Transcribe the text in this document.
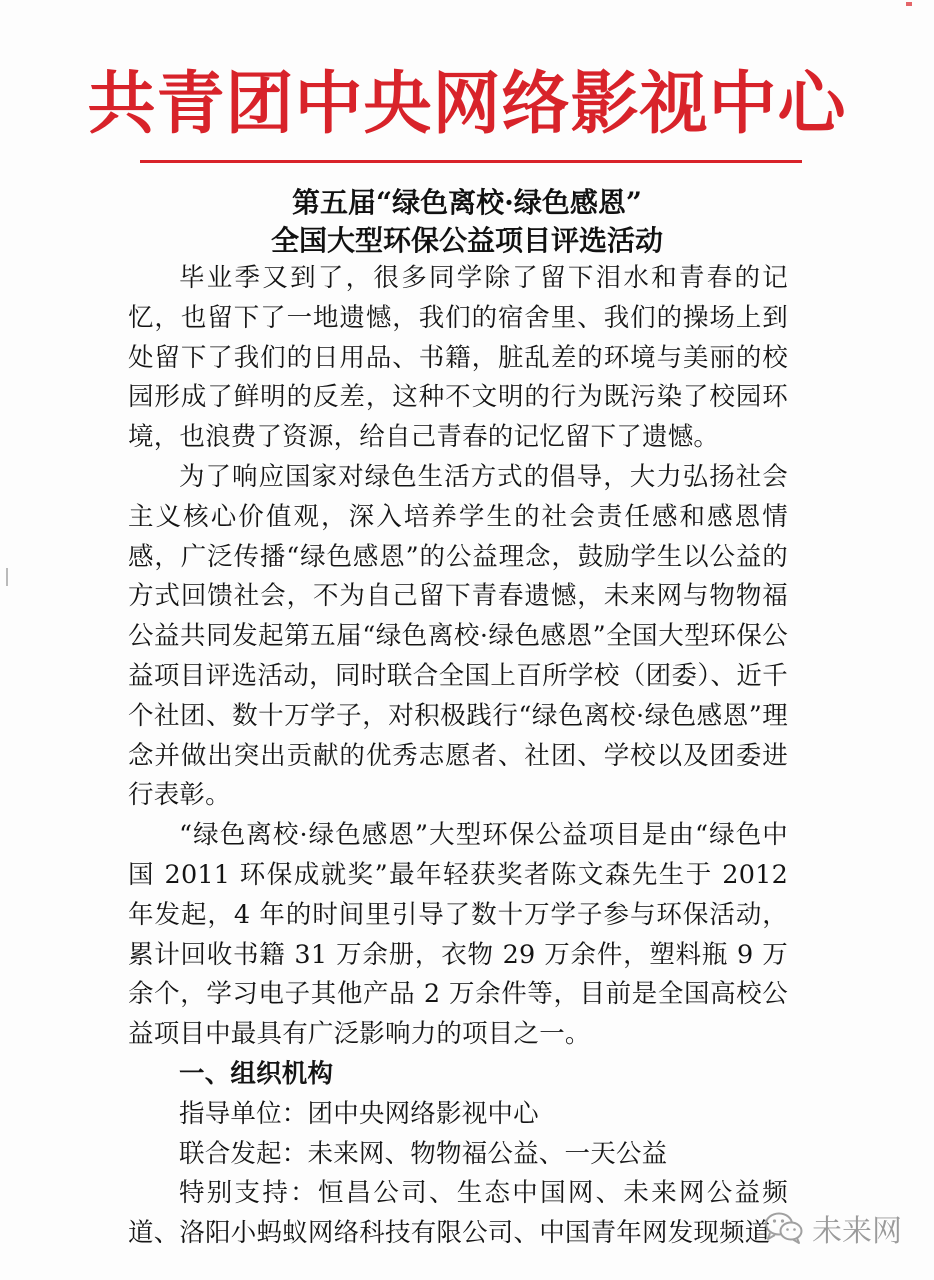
共青团中央网络影视中心
第五届“绿色离校·绿色感恩”
全国大型环保公益项目评选活动

毕业季又到了，很多同学除了留下泪水和青春的记忆，也留下了一地遗憾，我们的宿舍里、我们的操场上到处留下了我们的日用品、书籍，脏乱差的环境与美丽的校园形成了鲜明的反差，这种不文明的行为既污染了校园环境，也浪费了资源，给自己青春的记忆留下了遗憾。

为了响应国家对绿色生活方式的倡导，大力弘扬社会主义核心价值观，深入培养学生的社会责任感和感恩情感，广泛传播“绿色感恩”的公益理念，鼓励学生以公益的方式回馈社会，不为自己留下青春遗憾，未来网与物物福公益共同发起第五届“绿色离校·绿色感恩”全国大型环保公益项目评选活动，同时联合全国上百所学校（团委）、近千个社团、数十万学子，对积极践行“绿色离校·绿色感恩”理念并做出突出贡献的优秀志愿者、社团、学校以及团委进行表彰。

“绿色离校·绿色感恩”大型环保公益项目是由“绿色中国 2011 环保成就奖”最年轻获奖者陈文森先生于 2012 年发起，4 年的时间里引导了数十万学子参与环保活动，累计回收书籍 31 万余册，衣物 29 万余件，塑料瓶 9 万余个，学习电子其他产品 2 万余件等，目前是全国高校公益项目中最具有广泛影响力的项目之一。

一、组织机构

指导单位：团中央网络影视中心

联合发起：未来网、物物福公益、一天公益

特别支持：恒昌公司、生态中国网、未来网公益频道、洛阳小蚂蚁网络科技有限公司、中国青年网发现频道	未来网
